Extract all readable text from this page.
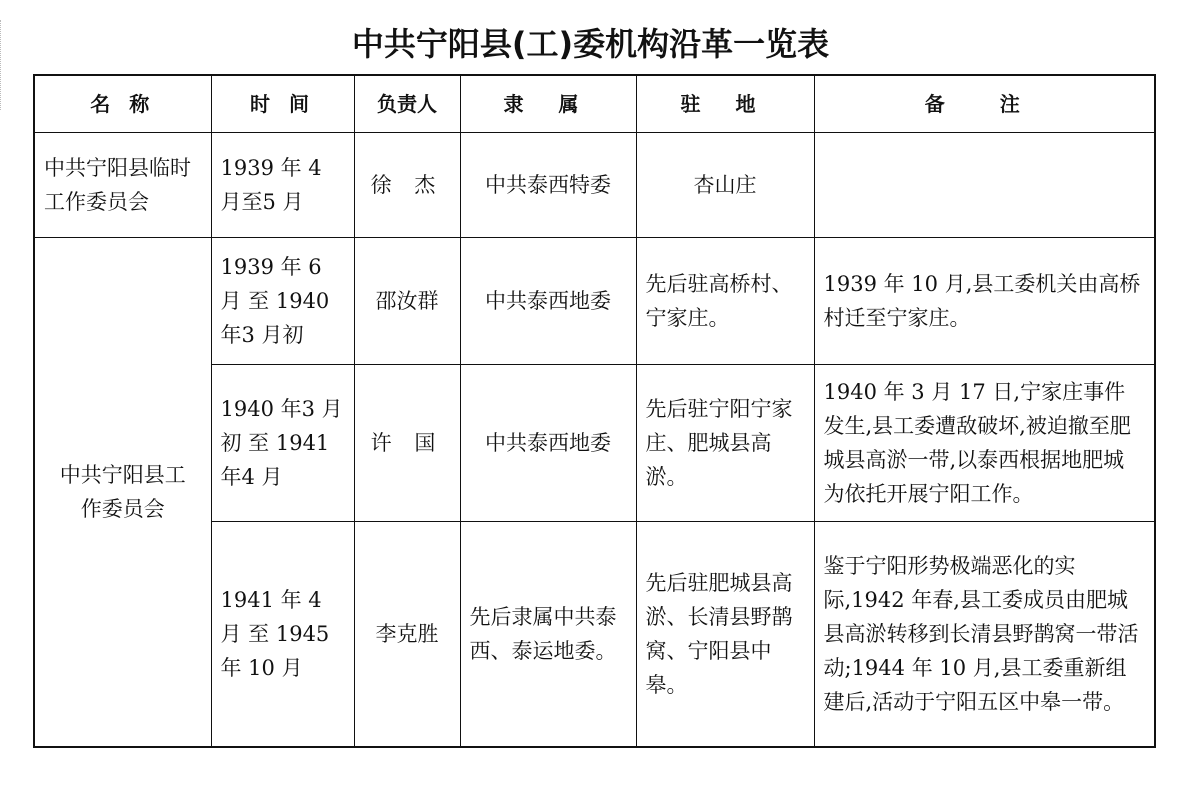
中共宁阳县(工)委机构沿革一览表
名 称	时 间	负责人	隶 属	驻 地	备 注
中共宁阳县临时工作委员会	1939 年 4 月至5 月	徐 杰	中共泰西特委	杏山庄	
中共宁阳县工作委员会	1939 年 6 月 至 1940 年3 月初	邵汝群	中共泰西地委	先后驻高桥村、宁家庄。	1939 年 10 月,县工委机关由高桥村迁至宁家庄。
	1940 年3 月初 至 1941 年4 月	许 国	中共泰西地委	先后驻宁阳宁家庄、肥城县高淤。	1940 年 3 月 17 日,宁家庄事件发生,县工委遭敌破坏,被迫撤至肥城县高淤一带,以泰西根据地肥城为依托开展宁阳工作。
	1941 年 4 月 至 1945 年 10 月	李克胜	先后隶属中共泰西、泰运地委。	先后驻肥城县高淤、长清县野鹊窝、宁阳县中皋。	鉴于宁阳形势极端恶化的实际,1942 年春,县工委成员由肥城县高淤转移到长清县野鹊窝一带活动;1944 年 10 月,县工委重新组建后,活动于宁阳五区中皋一带。
